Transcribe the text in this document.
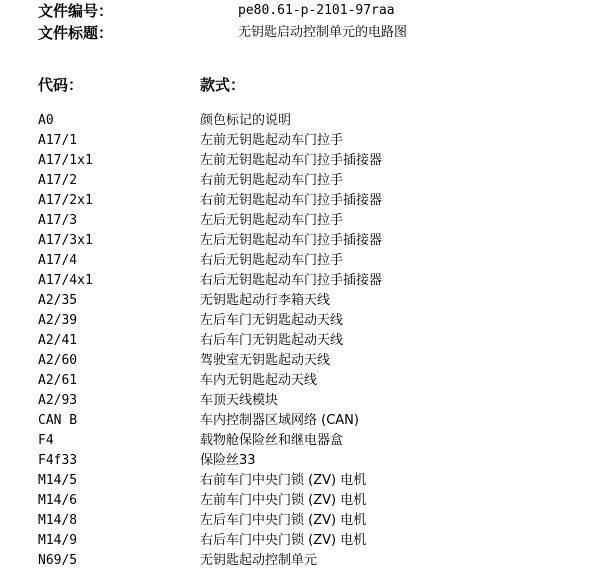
文件编号：	pe80.61-p-2101-97raa
文件标题：	无钥匙启动控制单元的电路图
代码：	款式：
A0	颜色标记的说明
A17/1	左前无钥匙起动车门拉手
A17/1x1	左前无钥匙起动车门拉手插接器
A17/2	右前无钥匙起动车门拉手
A17/2x1	右前无钥匙起动车门拉手插接器
A17/3	左后无钥匙起动车门拉手
A17/3x1	左后无钥匙起动车门拉手插接器
A17/4	右后无钥匙起动车门拉手
A17/4x1	右后无钥匙起动车门拉手插接器
A2/35	无钥匙起动行李箱天线
A2/39	左后车门无钥匙起动天线
A2/41	右后车门无钥匙起动天线
A2/60	驾驶室无钥匙起动天线
A2/61	车内无钥匙起动天线
A2/93	车顶天线模块
CAN B	车内控制器区域网络 (CAN)
F4	载物舱保险丝和继电器盒
F4f33	保险丝33
M14/5	右前车门中央门锁 (ZV) 电机
M14/6	左前车门中央门锁 (ZV) 电机
M14/8	左后车门中央门锁 (ZV) 电机
M14/9	右后车门中央门锁 (ZV) 电机
N69/5	无钥匙起动控制单元
